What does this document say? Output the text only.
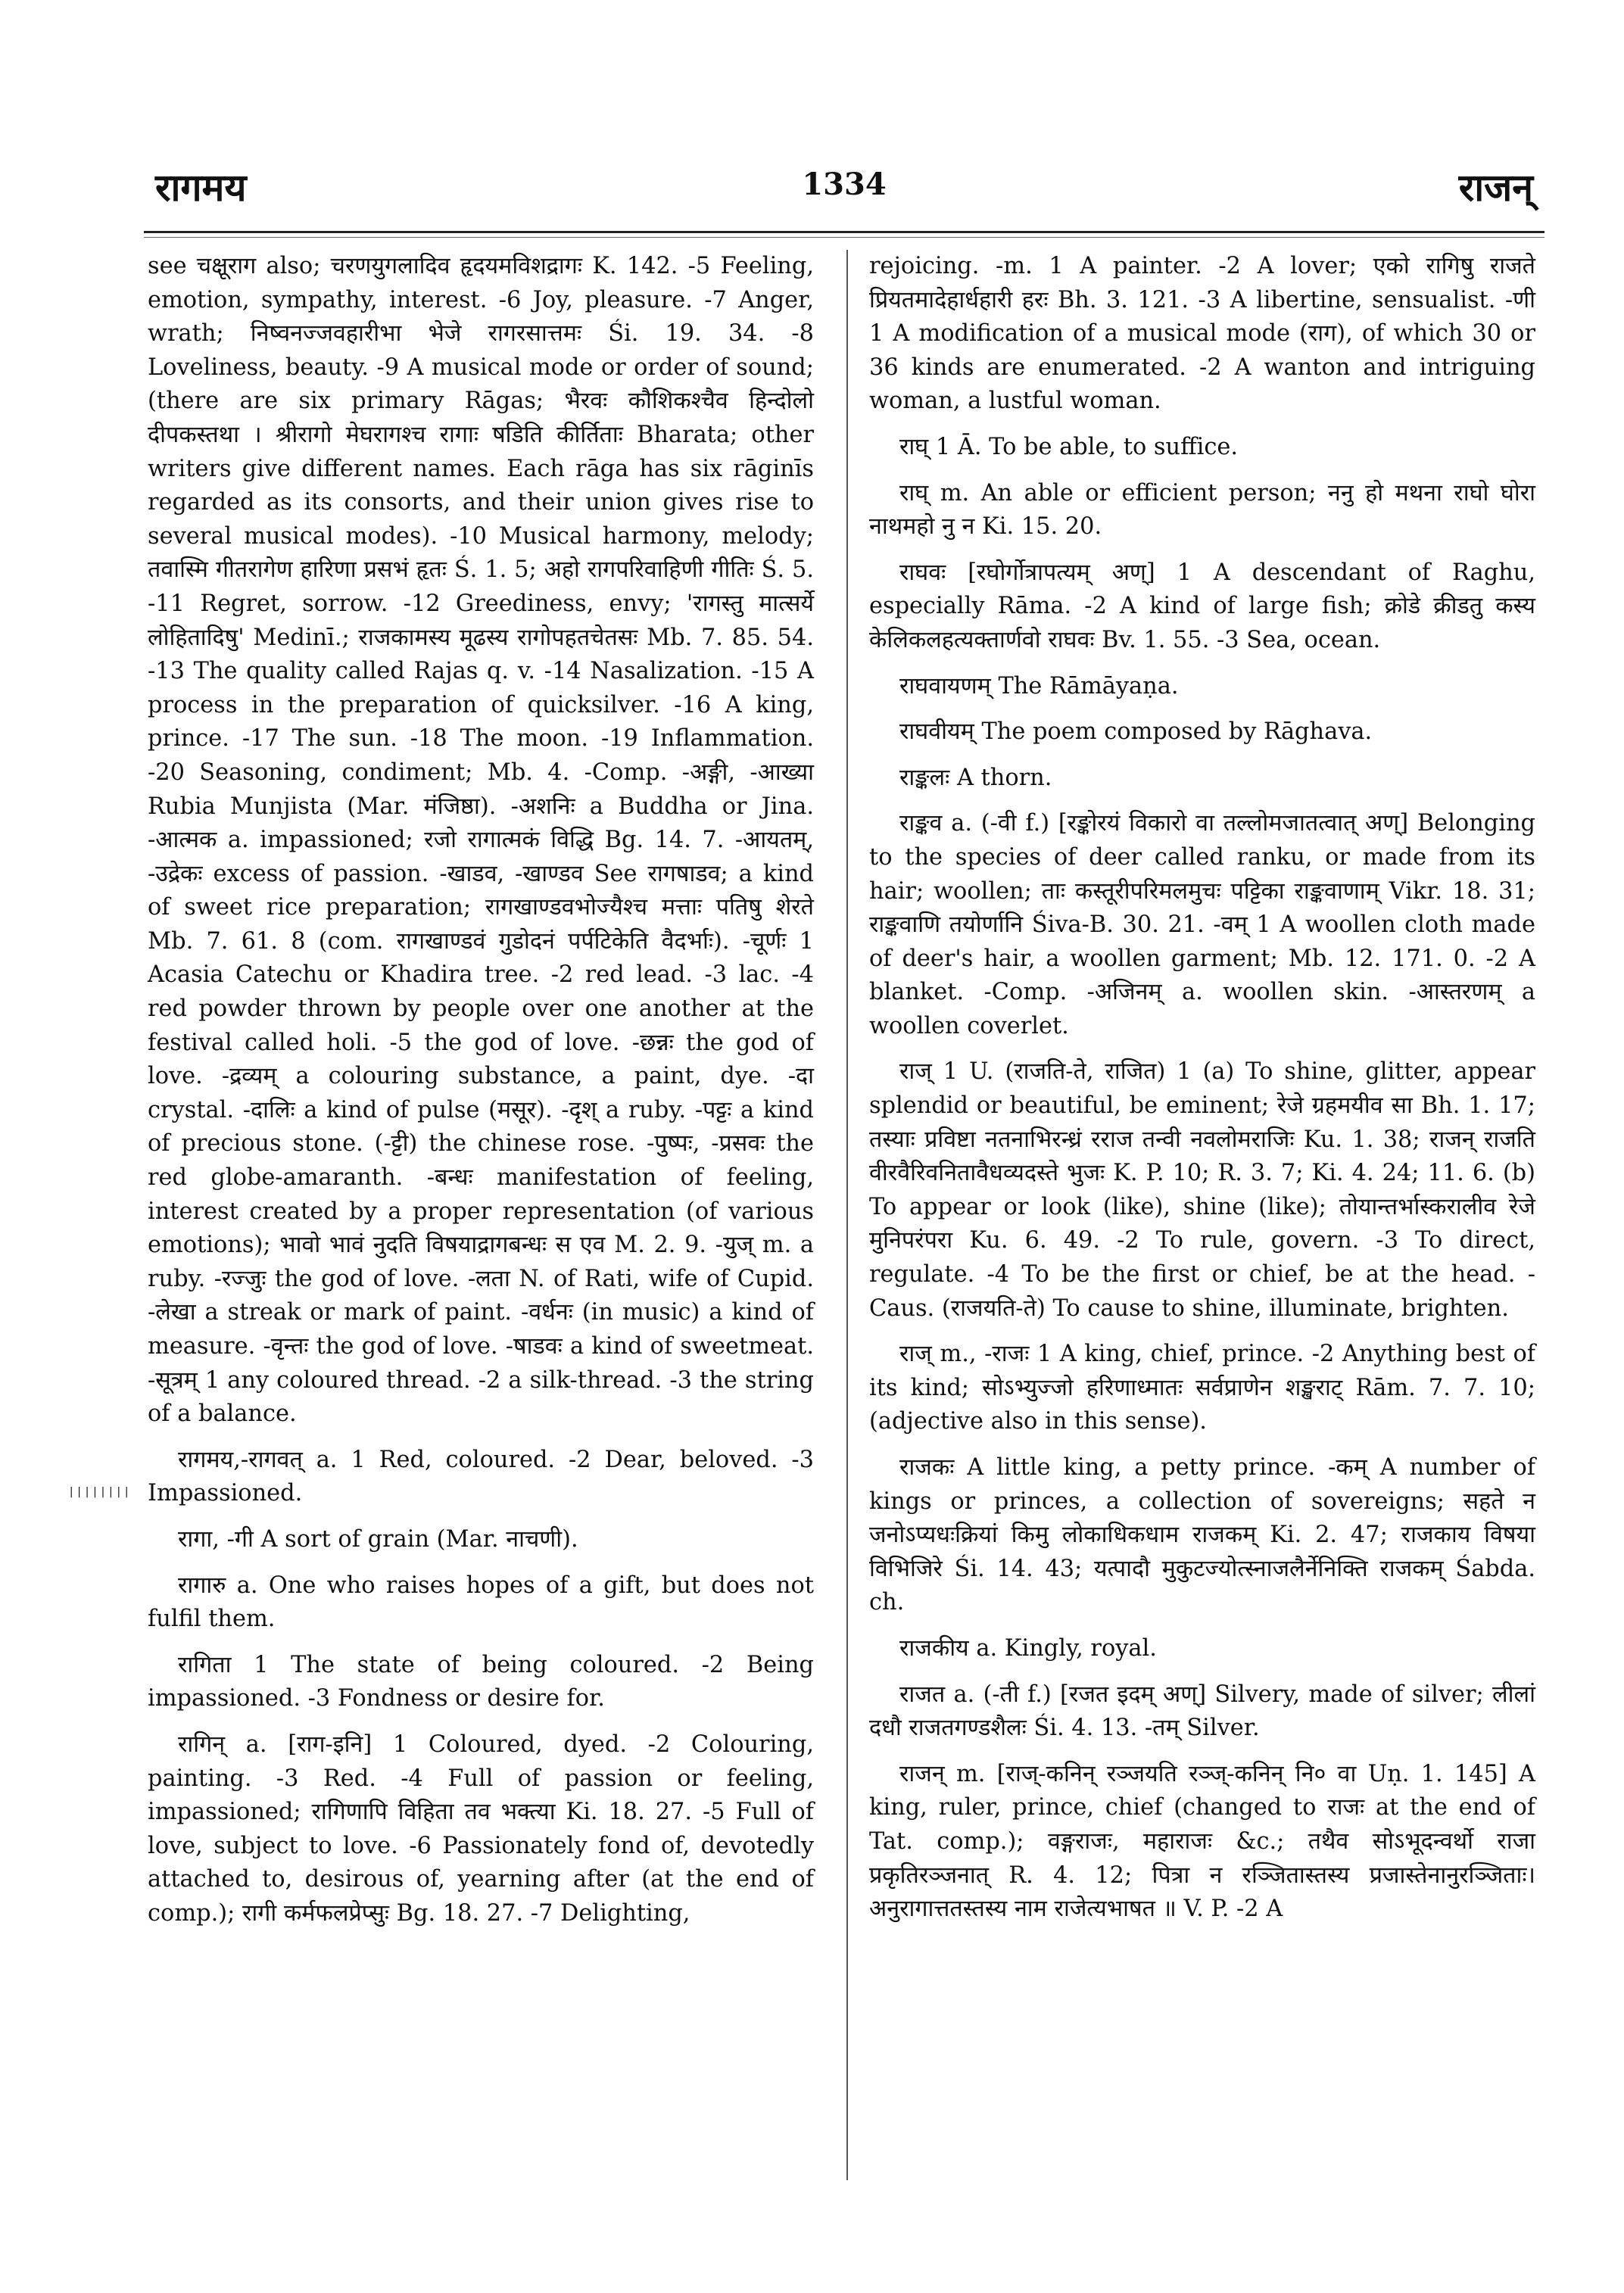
रागमय	1334	राजन्

see चक्षूराग also; चरणयुगलादिव हृदयमविशद्रागः K. 142. -5 Feeling, emotion, sympathy, interest. -6 Joy, pleasure. -7 Anger, wrath; निष्वनज्जवहारीभा भेजे रागरसात्तमः Śi. 19. 34. -8 Loveliness, beauty. -9 A musical mode or order of sound; (there are six primary Rāgas; भैरवः कौशिकश्चैव हिन्दोलो दीपकस्तथा । श्रीरागो मेघरागश्च रागाः षडिति कीर्तिताः Bharata; other writers give different names. Each rāga has six rāginīs regarded as its consorts, and their union gives rise to several musical modes). -10 Musical harmony, melody; तवास्मि गीतरागेण हारिणा प्रसभं हृतः Ś. 1. 5; अहो रागपरिवाहिणी गीतिः Ś. 5. -11 Regret, sorrow. -12 Greediness, envy; 'रागस्तु मात्सर्ये लोहितादिषु' Medinī.; राजकामस्य मूढस्य रागोपहतचेतसः Mb. 7. 85. 54. -13 The quality called Rajas q. v. -14 Nasalization. -15 A process in the preparation of quicksilver. -16 A king, prince. -17 The sun. -18 The moon. -19 Inflammation. -20 Seasoning, condiment; Mb. 4. -Comp. -अङ्गी, -आख्या Rubia Munjista (Mar. मंजिष्ठा). -अशनिः a Buddha or Jina. -आत्मक a. impassioned; रजो रागात्मकं विद्धि Bg. 14. 7. -आयतम्, -उद्रेकः excess of passion. -खाडव, -खाण्डव See रागषाडव; a kind of sweet rice preparation; रागखाण्डवभोज्यैश्च मत्ताः पतिषु शेरते Mb. 7. 61. 8 (com. रागखाण्डवं गुडोदनं पर्पटिकेति वैदर्भाः). -चूर्णः 1 Acasia Catechu or Khadira tree. -2 red lead. -3 lac. -4 red powder thrown by people over one another at the festival called holi. -5 the god of love. -छन्नः the god of love. -द्रव्यम् a colouring substance, a paint, dye. -दा crystal. -दालिः a kind of pulse (मसूर). -दृश् a ruby. -पट्टः a kind of precious stone. (-ट्टी) the chinese rose. -पुष्पः, -प्रसवः the red globe-amaranth. -बन्धः manifestation of feeling, interest created by a proper representation (of various emotions); भावो भावं नुदति विषयाद्रागबन्धः स एव M. 2. 9. -युज् m. a ruby. -रज्जुः the god of love. -लता N. of Rati, wife of Cupid. -लेखा a streak or mark of paint. -वर्धनः (in music) a kind of measure. -वृन्तः the god of love. -षाडवः a kind of sweetmeat. -सूत्रम् 1 any coloured thread. -2 a silk-thread. -3 the string of a balance.

रागमय,-रागवत् a. 1 Red, coloured. -2 Dear, beloved. -3 Impassioned.

रागा, -गी A sort of grain (Mar. नाचणी).

रागारु a. One who raises hopes of a gift, but does not fulfil them.

रागिता 1 The state of being coloured. -2 Being impassioned. -3 Fondness or desire for.

रागिन् a. [राग-इनि] 1 Coloured, dyed. -2 Colouring, painting. -3 Red. -4 Full of passion or feeling, impassioned; रागिणापि विहिता तव भक्त्या Ki. 18. 27. -5 Full of love, subject to love. -6 Passionately fond of, devotedly attached to, desirous of, yearning after (at the end of comp.); रागी कर्मफलप्रेप्सुः Bg. 18. 27. -7 Delighting,

rejoicing. -m. 1 A painter. -2 A lover; एको रागिषु राजते प्रियतमादेहार्धहारी हरः Bh. 3. 121. -3 A libertine, sensualist. -णी 1 A modification of a musical mode (राग), of which 30 or 36 kinds are enumerated. -2 A wanton and intriguing woman, a lustful woman.

राघ् 1 Ā. To be able, to suffice.

राघ् m. An able or efficient person; ननु हो मथना राघो घोरा नाथमहो नु न Ki. 15. 20.

राघवः [रघोर्गोत्रापत्यम् अण्] 1 A descendant of Raghu, especially Rāma. -2 A kind of large fish; क्रोडे क्रीडतु कस्य केलिकलहत्यक्तार्णवो राघवः Bv. 1. 55. -3 Sea, ocean.

राघवायणम् The Rāmāyaṇa.

राघवीयम् The poem composed by Rāghava.

राङ्कलः A thorn.

राङ्कव a. (-वी f.) [रङ्कोरयं विकारो वा तल्लोमजातत्वात् अण्] Belonging to the species of deer called ranku, or made from its hair; woollen; ताः कस्तूरीपरिमलमुचः पट्टिका राङ्कवाणाम् Vikr. 18. 31; राङ्कवाणि तयोर्णानि Śiva-B. 30. 21. -वम् 1 A woollen cloth made of deer's hair, a woollen garment; Mb. 12. 171. 0. -2 A blanket. -Comp. -अजिनम् a. woollen skin. -आस्तरणम् a woollen coverlet.

राज् 1 U. (राजति-ते, राजित) 1 (a) To shine, glitter, appear splendid or beautiful, be eminent; रेजे ग्रहमयीव सा Bh. 1. 17; तस्याः प्रविष्टा नतनाभिरन्ध्रं रराज तन्वी नवलोमराजिः Ku. 1. 38; राजन् राजति वीरवैरिवनितावैधव्यदस्ते भुजः K. P. 10; R. 3. 7; Ki. 4. 24; 11. 6. (b) To appear or look (like), shine (like); तोयान्तर्भास्करालीव रेजे मुनिपरंपरा Ku. 6. 49. -2 To rule, govern. -3 To direct, regulate. -4 To be the first or chief, be at the head. -Caus. (राजयति-ते) To cause to shine, illuminate, brighten.

राज् m., -राजः 1 A king, chief, prince. -2 Anything best of its kind; सोऽभ्युज्जो हरिणाध्मातः सर्वप्राणेन शङ्खराट् Rām. 7. 7. 10; (adjective also in this sense).

राजकः A little king, a petty prince. -कम् A number of kings or princes, a collection of sovereigns; सहते न जनोऽप्यधःक्रियां किमु लोकाधिकधाम राजकम् Ki. 2. 47; राजकाय विषया विभिजिरे Śi. 14. 43; यत्पादौ मुकुटज्योत्स्नाजलैर्नेनिक्ति राजकम् Śabda. ch.

राजकीय a. Kingly, royal.

राजत a. (-ती f.) [रजत इदम् अण्] Silvery, made of silver; लीलां दधौ राजतगण्डशैलः Śi. 4. 13. -तम् Silver.

राजन् m. [राज्-कनिन् रञ्जयति रञ्ज्-कनिन् नि० वा Uṇ. 1. 145] A king, ruler, prince, chief (changed to राजः at the end of Tat. comp.); वङ्गराजः, महाराजः &c.; तथैव सोऽभूदन्वर्थो राजा प्रकृतिरञ्जनात् R. 4. 12; पित्रा न रञ्जितास्तस्य प्रजास्तेनानुरञ्जिताः। अनुरागात्ततस्तस्य नाम राजेत्यभाषत ॥ V. P. -2 A

||||||||
